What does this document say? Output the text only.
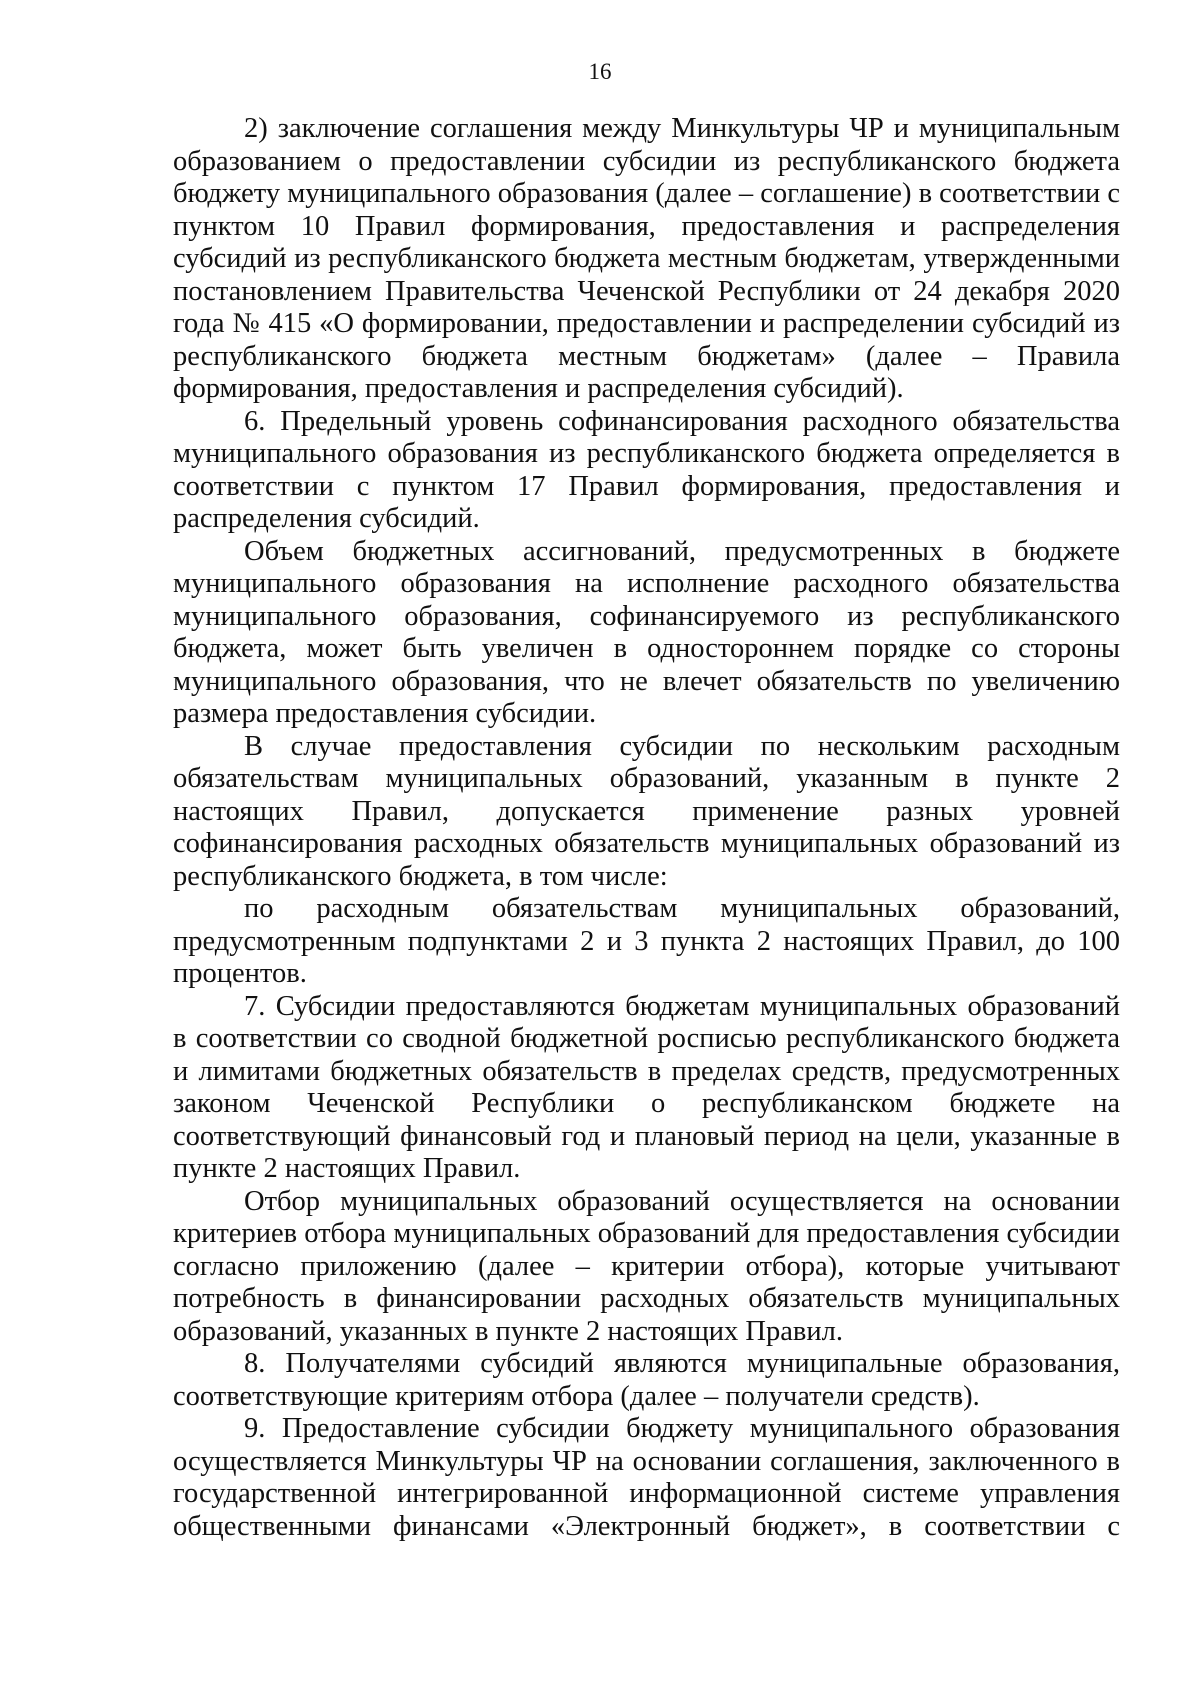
16

2) заключение соглашения между Минкультуры ЧР и муниципальным образованием о предоставлении субсидии из республиканского бюджета бюджету муниципального образования (далее – соглашение) в соответствии с пунктом 10 Правил формирования, предоставления и распределения субсидий из республиканского бюджета местным бюджетам, утвержденными постановлением Правительства Чеченской Республики от 24 декабря 2020 года № 415 «О формировании, предоставлении и распределении субсидий из республиканского бюджета местным бюджетам» (далее – Правила формирования, предоставления и распределения субсидий).

6. Предельный уровень софинансирования расходного обязательства муниципального образования из республиканского бюджета определяется в соответствии с пунктом 17 Правил формирования, предоставления и распределения субсидий.

Объем бюджетных ассигнований, предусмотренных в бюджете муниципального образования на исполнение расходного обязательства муниципального образования, софинансируемого из республиканского бюджета, может быть увеличен в одностороннем порядке со стороны муниципального образования, что не влечет обязательств по увеличению размера предоставления субсидии.

В случае предоставления субсидии по нескольким расходным обязательствам муниципальных образований, указанным в пункте 2 настоящих Правил, допускается применение разных уровней софинансирования расходных обязательств муниципальных образований из республиканского бюджета, в том числе:

по расходным обязательствам муниципальных образований, предусмотренным подпунктами 2 и 3 пункта 2 настоящих Правил, до 100 процентов.

7. Субсидии предоставляются бюджетам муниципальных образований в соответствии со сводной бюджетной росписью республиканского бюджета и лимитами бюджетных обязательств в пределах средств, предусмотренных законом Чеченской Республики о республиканском бюджете на соответствующий финансовый год и плановый период на цели, указанные в пункте 2 настоящих Правил.

Отбор муниципальных образований осуществляется на основании критериев отбора муниципальных образований для предоставления субсидии согласно приложению (далее – критерии отбора), которые учитывают потребность в финансировании расходных обязательств муниципальных образований, указанных в пункте 2 настоящих Правил.

8. Получателями субсидий являются муниципальные образования, соответствующие критериям отбора (далее – получатели средств).

9. Предоставление субсидии бюджету муниципального образования осуществляется Минкультуры ЧР на основании соглашения, заключенного в государственной интегрированной информационной системе управления общественными финансами «Электронный бюджет», в соответствии с
